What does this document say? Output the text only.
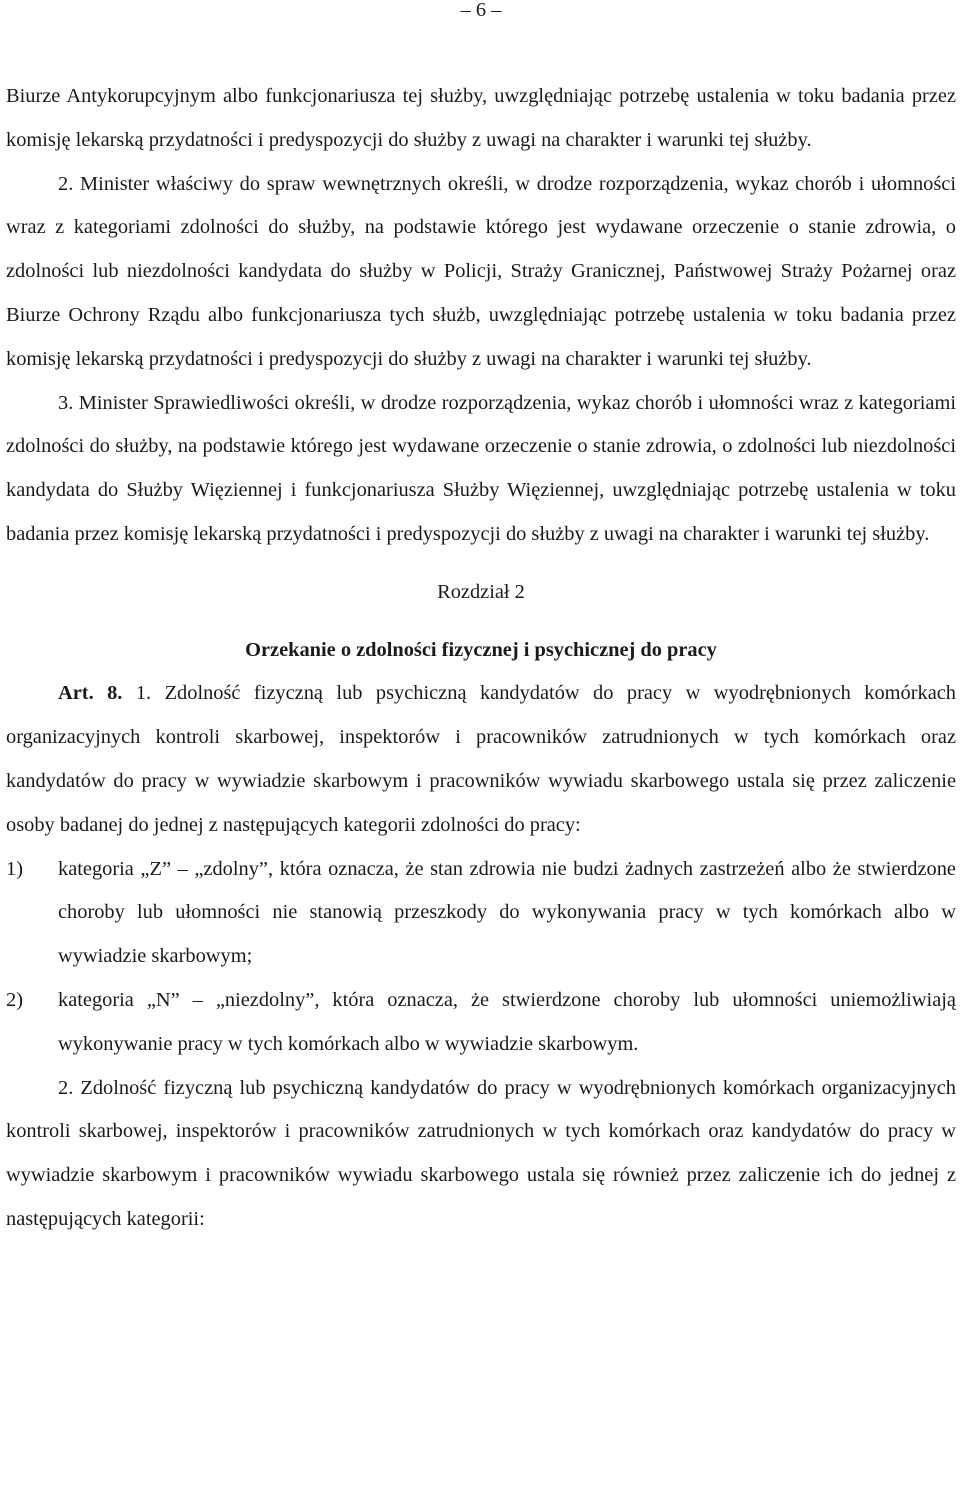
– 6 –

Biurze Antykorupcyjnym albo funkcjonariusza tej służby, uwzględniając potrzebę ustalenia w toku badania przez komisję lekarską przydatności i predyspozycji do służby z uwagi na charakter i warunki tej służby.

2. Minister właściwy do spraw wewnętrznych określi, w drodze rozporządzenia, wykaz chorób i ułomności wraz z kategoriami zdolności do służby, na podstawie którego jest wydawane orzeczenie o stanie zdrowia, o zdolności lub niezdolności kandydata do służby w Policji, Straży Granicznej, Państwowej Straży Pożarnej oraz Biurze Ochrony Rządu albo funkcjonariusza tych służb, uwzględniając potrzebę ustalenia w toku badania przez komisję lekarską przydatności i predyspozycji do służby z uwagi na charakter i warunki tej służby.

3. Minister Sprawiedliwości określi, w drodze rozporządzenia, wykaz chorób i ułomności wraz z kategoriami zdolności do służby, na podstawie którego jest wydawane orzeczenie o stanie zdrowia, o zdolności lub niezdolności kandydata do Służby Więziennej i funkcjonariusza Służby Więziennej, uwzględniając potrzebę ustalenia w toku badania przez komisję lekarską przydatności i predyspozycji do służby z uwagi na charakter i warunki tej służby.

Rozdział 2
Orzekanie o zdolności fizycznej i psychicznej do pracy

Art. 8. 1. Zdolność fizyczną lub psychiczną kandydatów do pracy w wyodrębnionych komórkach organizacyjnych kontroli skarbowej, inspektorów i pracowników zatrudnionych w tych komórkach oraz kandydatów do pracy w wywiadzie skarbowym i pracowników wywiadu skarbowego ustala się przez zaliczenie osoby badanej do jednej z następujących kategorii zdolności do pracy:

1)	kategoria „Z” – „zdolny”, która oznacza, że stan zdrowia nie budzi żadnych zastrzeżeń albo że stwierdzone choroby lub ułomności nie stanowią przeszkody do wykonywania pracy w tych komórkach albo w wywiadzie skarbowym;
2)	kategoria „N” – „niezdolny”, która oznacza, że stwierdzone choroby lub ułomności uniemożliwiają wykonywanie pracy w tych komórkach albo w wywiadzie skarbowym.

2. Zdolność fizyczną lub psychiczną kandydatów do pracy w wyodrębnionych komórkach organizacyjnych kontroli skarbowej, inspektorów i pracowników zatrudnionych w tych komórkach oraz kandydatów do pracy w wywiadzie skarbowym i pracowników wywiadu skarbowego ustala się również przez zaliczenie ich do jednej z następujących kategorii:
